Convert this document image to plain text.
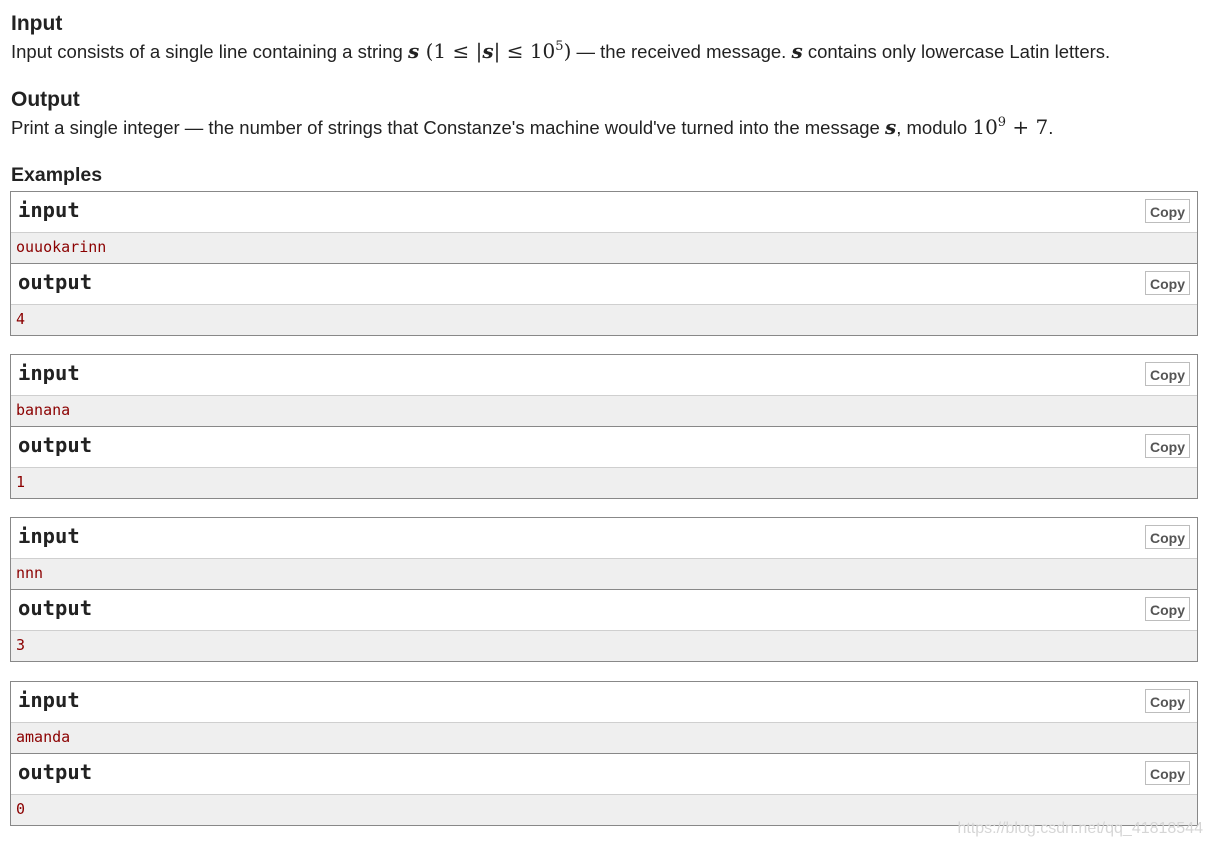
Input
Input consists of a single line containing a string s $(1 \le |s| \le 10^5)$ — the received message. s contains only lowercase Latin letters.
Output
Print a single integer — the number of strings that Constanze's machine would've turned into the message s, modulo $10^9 + 7$.
Examples
input	Copy
ouuokarinn
output	Copy
4
input	Copy
banana
output	Copy
1
input	Copy
nnn
output	Copy
3
input	Copy
amanda
output	Copy
0
https://blog.csdn.net/qq_41818544
